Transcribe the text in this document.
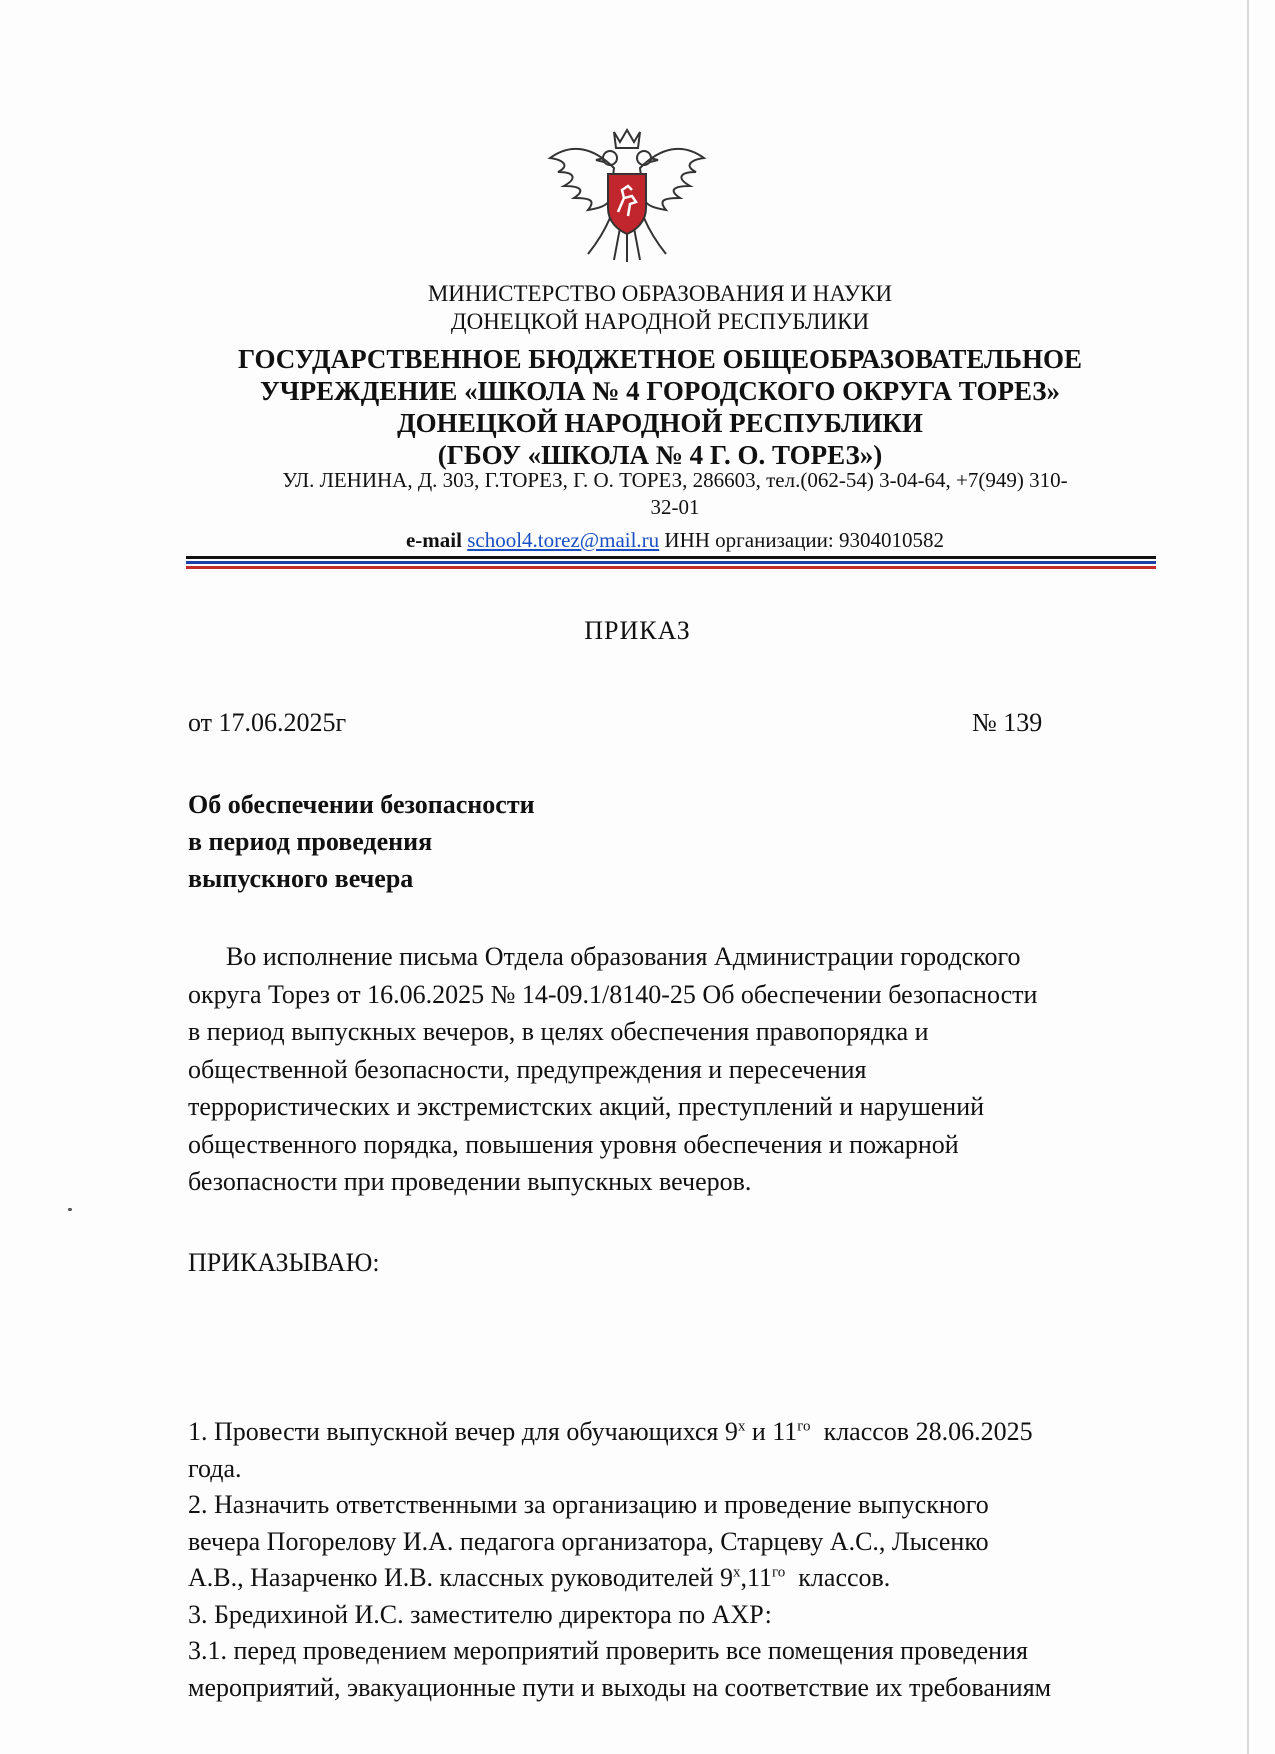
МИНИСТЕРСТВО ОБРАЗОВАНИЯ И НАУКИ
ДОНЕЦКОЙ НАРОДНОЙ РЕСПУБЛИКИ
ГОСУДАРСТВЕННОЕ БЮДЖЕТНОЕ ОБЩЕОБРАЗОВАТЕЛЬНОЕ
УЧРЕЖДЕНИЕ «ШКОЛА № 4 ГОРОДСКОГО ОКРУГА ТОРЕЗ»
ДОНЕЦКОЙ НАРОДНОЙ РЕСПУБЛИКИ
(ГБОУ «ШКОЛА № 4 Г. О. ТОРЕЗ»)
УЛ. ЛЕНИНА, Д. 303, Г.ТОРЕЗ, Г. О. ТОРЕЗ, 286603, тел.(062-54) 3-04-64, +7(949) 310-
32-01
e-mail school4.torez@mail.ru ИНН организации: 9304010582
ПРИКАЗ
от 17.06.2025г	№ 139
Об обеспечении безопасности
в период проведения
выпускного вечера
Во исполнение письма Отдела образования Администрации городского
округа Торез от 16.06.2025 № 14-09.1/8140-25 Об обеспечении безопасности
в период выпускных вечеров, в целях обеспечения правопорядка и
общественной безопасности, предупреждения и пересечения
террористических и экстремистских акций, преступлений и нарушений
общественного порядка, повышения уровня обеспечения и пожарной
безопасности при проведении выпускных вечеров.
ПРИКАЗЫВАЮ:
1. Провести выпускной вечер для обучающихся $9^х$ и $11^{го}$  классов 28.06.2025
года.
2. Назначить ответственными за организацию и проведение выпускного
вечера Погорелову И.А. педагога организатора, Старцеву А.С., Лысенко
А.В., Назарченко И.В. классных руководителей $9^х,11^{го}$  классов.
3. Бредихиной И.С. заместителю директора по АХР:
3.1. перед проведением мероприятий проверить все помещения проведения
мероприятий, эвакуационные пути и выходы на соответствие их требованиям
